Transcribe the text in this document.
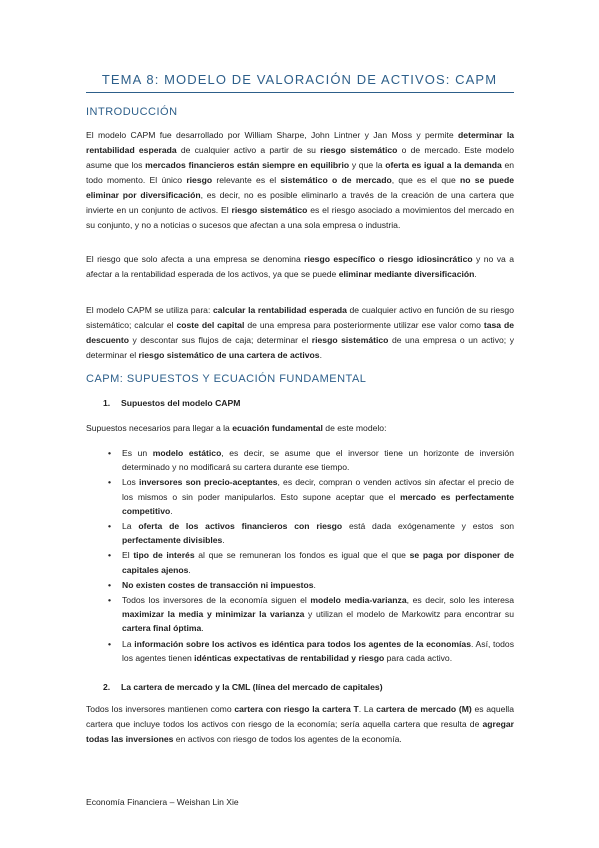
TEMA 8: MODELO DE VALORACIÓN DE ACTIVOS: CAPM
INTRODUCCIÓN

El modelo CAPM fue desarrollado por William Sharpe, John Lintner y Jan Moss y permite determinar la rentabilidad esperada de cualquier activo a partir de su riesgo sistemático o de mercado. Este modelo asume que los mercados financieros están siempre en equilibrio y que la oferta es igual a la demanda en todo momento. El único riesgo relevante es el sistemático o de mercado, que es el que no se puede eliminar por diversificación, es decir, no es posible eliminarlo a través de la creación de una cartera que invierte en un conjunto de activos. El riesgo sistemático es el riesgo asociado a movimientos del mercado en su conjunto, y no a noticias o sucesos que afectan a una sola empresa o industria.

El riesgo que solo afecta a una empresa se denomina riesgo específico o riesgo idiosincrático y no va a afectar a la rentabilidad esperada de los activos, ya que se puede eliminar mediante diversificación.

El modelo CAPM se utiliza para: calcular la rentabilidad esperada de cualquier activo en función de su riesgo sistemático; calcular el coste del capital de una empresa para posteriormente utilizar ese valor como tasa de descuento y descontar sus flujos de caja; determinar el riesgo sistemático de una empresa o un activo; y determinar el riesgo sistemático de una cartera de activos.

CAPM: SUPUESTOS Y ECUACIÓN FUNDAMENTAL
1. Supuestos del modelo CAPM

Supuestos necesarios para llegar a la ecuación fundamental de este modelo:

• Es un modelo estático, es decir, se asume que el inversor tiene un horizonte de inversión determinado y no modificará su cartera durante ese tiempo.
• Los inversores son precio-aceptantes, es decir, compran o venden activos sin afectar el precio de los mismos o sin poder manipularlos. Esto supone aceptar que el mercado es perfectamente competitivo.
• La oferta de los activos financieros con riesgo está dada exógenamente y estos son perfectamente divisibles.
• El tipo de interés al que se remuneran los fondos es igual que el que se paga por disponer de capitales ajenos.
• No existen costes de transacción ni impuestos.
• Todos los inversores de la economía siguen el modelo media-varianza, es decir, solo les interesa maximizar la media y minimizar la varianza y utilizan el modelo de Markowitz para encontrar su cartera final óptima.
• La información sobre los activos es idéntica para todos los agentes de la economías. Así, todos los agentes tienen idénticas expectativas de rentabilidad y riesgo para cada activo.
2. La cartera de mercado y la CML (línea del mercado de capitales)

Todos los inversores mantienen como cartera con riesgo la cartera T. La cartera de mercado (M) es aquella cartera que incluye todos los activos con riesgo de la economía; sería aquella cartera que resulta de agregar todas las inversiones en activos con riesgo de todos los agentes de la economía.

Economía Financiera – Weishan Lin Xie
